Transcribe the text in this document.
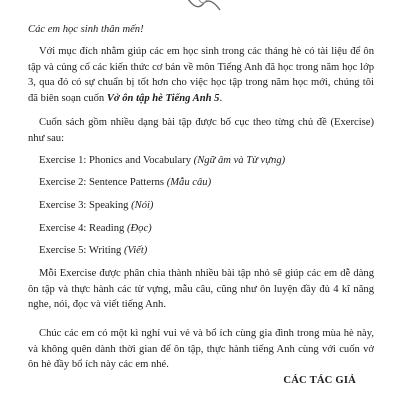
Các em học sinh thân mến!

Với mục đích nhằm giúp các em học sinh trong các tháng hè có tài liệu để ôn tập và củng cố các kiến thức cơ bản về môn Tiếng Anh đã học trong năm học lớp 3, qua đó có sự chuẩn bị tốt hơn cho việc học tập trong năm học mới, chúng tôi đã biên soạn cuốn Vở ôn tập hè Tiếng Anh 5.

Cuốn sách gồm nhiều dạng bài tập được bố cục theo từng chủ đề (Exercise) như sau:

Exercise 1: Phonics and Vocabulary (Ngữ âm và Từ vựng)
Exercise 2: Sentence Patterns (Mẫu câu)
Exercise 3: Speaking (Nói)
Exercise 4: Reading (Đọc)
Exercise 5: Writing (Viết)

Mỗi Exercise được phân chia thành nhiều bài tập nhỏ sẽ giúp các em dễ dàng ôn tập và thực hành các từ vựng, mẫu câu, cũng như ôn luyện đầy đủ 4 kĩ năng nghe, nói, đọc và viết tiếng Anh.

Chúc các em có một kì nghỉ vui vẻ và bổ ích cùng gia đình trong mùa hè này, và không quên dành thời gian để ôn tập, thực hành tiếng Anh cùng với cuốn vở ôn hè đầy bổ ích này các em nhé.

CÁC TÁC GIẢ
